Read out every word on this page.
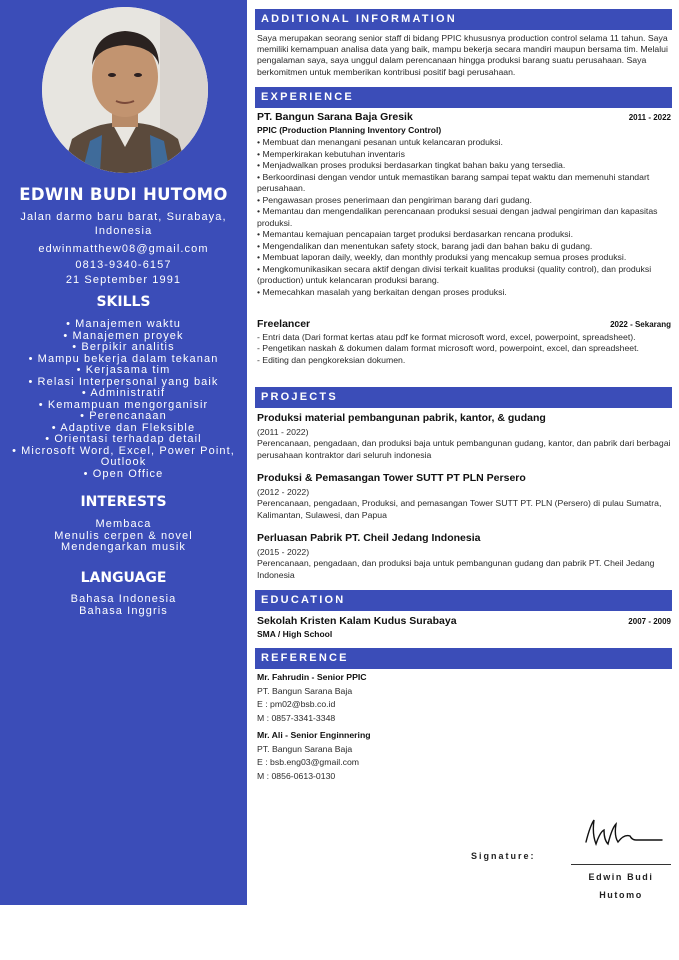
EDWIN BUDI HUTOMO
Jalan darmo baru barat, Surabaya, Indonesia
edwinmatthew08@gmail.com
0813-9340-6157
21 September 1991
SKILLS
• Manajemen waktu
• Manajemen proyek
• Berpikir analitis
• Mampu bekerja dalam tekanan
• Kerjasama tim
• Relasi Interpersonal yang baik
• Administratif
• Kemampuan mengorganisir
• Perencanaan
• Adaptive dan Fleksible
• Orientasi terhadap detail
• Microsoft Word, Excel, Power Point,
Outlook
• Open Office
INTERESTS
Membaca
Menulis cerpen & novel
Mendengarkan musik
LANGUAGE
Bahasa Indonesia
Bahasa Inggris
ADDITIONAL INFORMATION
Saya merupakan seorang senior staff di bidang PPIC khususnya production control selama 11 tahun. Saya memiliki kemampuan analisa data yang baik, mampu bekerja secara mandiri maupun bersama tim. Melalui pengalaman saya, saya unggul dalam perencanaan hingga produksi barang suatu perusahaan. Saya berkomitmen untuk memberikan kontribusi positif bagi perusahaan.
EXPERIENCE
PT. Bangun Sarana Baja Gresik	2011 - 2022
PPIC (Production Planning Inventory Control)
• Membuat dan menangani pesanan untuk kelancaran produksi.
• Memperkirakan kebutuhan inventaris
• Menjadwalkan proses produksi berdasarkan tingkat bahan baku yang tersedia.
• Berkoordinasi dengan vendor untuk memastikan barang sampai tepat waktu dan memenuhi standart perusahaan.
• Pengawasan proses penerimaan dan pengiriman barang dari gudang.
• Memantau dan mengendalikan perencanaan produksi sesuai dengan jadwal pengiriman dan kapasitas produksi.
• Memantau kemajuan pencapaian target produksi berdasarkan rencana produksi.
• Mengendalikan dan menentukan safety stock, barang jadi dan bahan baku di gudang.
• Membuat laporan daily, weekly, dan monthly produksi yang mencakup semua proses produksi.
• Mengkomunikasikan secara aktif dengan divisi terkait kualitas produksi (quality control), dan produksi (production) untuk kelancaran produksi barang.
• Memecahkan masalah yang berkaitan dengan proses produksi.
Freelancer	2022 - Sekarang
- Entri data (Dari format kertas atau pdf ke format microsoft word, excel, powerpoint, spreadsheet).
- Pengetikan naskah & dokumen dalam format microsoft word, powerpoint, excel, dan spreadsheet.
- Editing dan pengkoreksian dokumen.
PROJECTS
Produksi material pembangunan pabrik, kantor, & gudang
(2011 - 2022)
Perencanaan, pengadaan, dan produksi baja untuk pembangunan gudang, kantor, dan pabrik dari berbagai perusahaan kontraktor dari seluruh indonesia
Produksi & Pemasangan Tower SUTT PT PLN Persero
(2012 - 2022)
Perencanaan, pengadaan, Produksi, and pemasangan Tower SUTT PT. PLN (Persero) di pulau Sumatra, Kalimantan, Sulawesi, dan Papua
Perluasan Pabrik PT. Cheil Jedang Indonesia
(2015 - 2022)
Perencanaan, pengadaan, dan produksi baja untuk pembangunan gudang dan pabrik PT. Cheil Jedang Indonesia
EDUCATION
Sekolah Kristen Kalam Kudus Surabaya	2007 - 2009
SMA / High School
REFERENCE
Mr. Fahrudin - Senior PPIC
PT. Bangun Sarana Baja
E : pm02@bsb.co.id
M : 0857-3341-3348
Mr. Ali - Senior Enginnering
PT. Bangun Sarana Baja
E : bsb.eng03@gmail.com
M : 0856-0613-0130
Signature:
Edwin Budi
Hutomo
